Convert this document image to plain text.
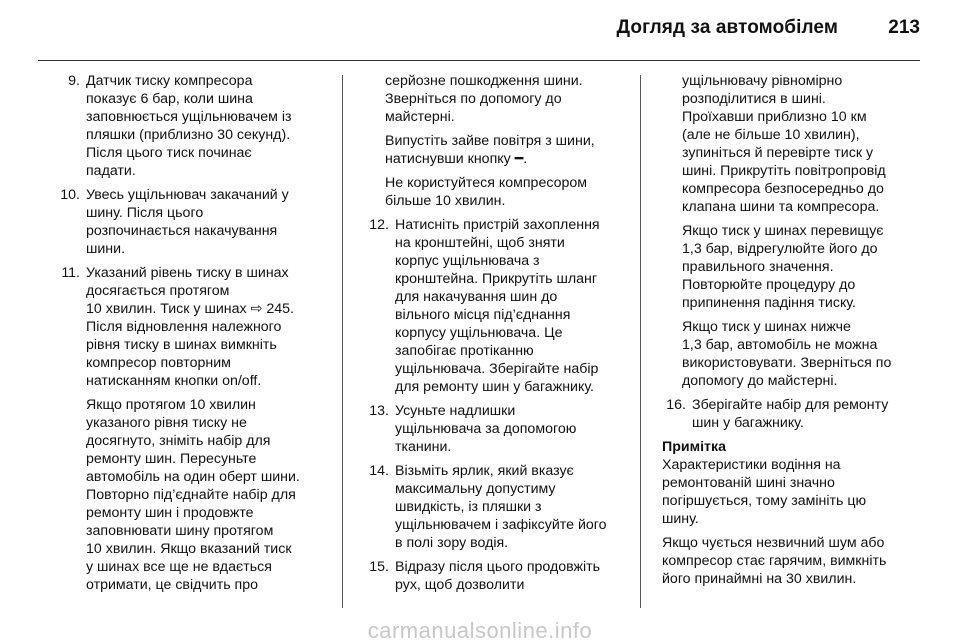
Догляд за автомобілем	213
9. Датчик тиску компресора
показує 6 бар, коли шина
заповнюється ущільнювачем із
пляшки (приблизно 30 секунд).
Після цього тиск починає
падати.
10. Увесь ущільнювач закачаний у
шину. Після цього
розпочинається накачування
шини.
11. Указаний рівень тиску в шинах
досягається протягом
10 хвилин. Тиск у шинах ⇨ 245.
Після відновлення належного
рівня тиску в шинах вимкніть
компресор повторним
натисканням кнопки on/off.
Якщо протягом 10 хвилин
указаного рівня тиску не
досягнуто, зніміть набір для
ремонту шин. Пересуньте
автомобіль на один оберт шини.
Повторно під’єднайте набір для
ремонту шин і продовжте
заповнювати шину протягом
10 хвилин. Якщо вказаний тиск
у шинах все ще не вдається
отримати, це свідчить про
серйозне пошкодження шини.
Зверніться по допомогу до
майстерні.
Випустіть зайве повітря з шини,
натиснувши кнопку ━.
Не користуйтеся компресором
більше 10 хвилин.
12. Натисніть пристрій захоплення
на кронштейні, щоб зняти
корпус ущільнювача з
кронштейна. Прикрутіть шланг
для накачування шин до
вільного місця під’єднання
корпусу ущільнювача. Це
запобігає протіканню
ущільнювача. Зберігайте набір
для ремонту шин у багажнику.
13. Усуньте надлишки
ущільнювача за допомогою
тканини.
14. Візьміть ярлик, який вказує
максимальну допустиму
швидкість, із пляшки з
ущільнювачем і зафіксуйте його
в полі зору водія.
15. Відразу після цього продовжіть
рух, щоб дозволити
ущільнювачу рівномірно
розподілитися в шині.
Проїхавши приблизно 10 км
(але не більше 10 хвилин),
зупиніться й перевірте тиск у
шині. Прикрутіть повітропровід
компресора безпосередньо до
клапана шини та компресора.
Якщо тиск у шинах перевищує
1,3 бар, відрегулюйте його до
правильного значення.
Повторюйте процедуру до
припинення падіння тиску.
Якщо тиск у шинах нижче
1,3 бар, автомобіль не можна
використовувати. Зверніться по
допомогу до майстерні.
16. Зберігайте набір для ремонту
шин у багажнику.
Примітка

Характеристики водіння на
ремонтованій шині значно
погіршується, тому замініть цю
шину.

Якщо чується незвичний шум або
компресор стає гарячим, вимкніть
його принаймні на 30 хвилин.

carmanualsonline.info
